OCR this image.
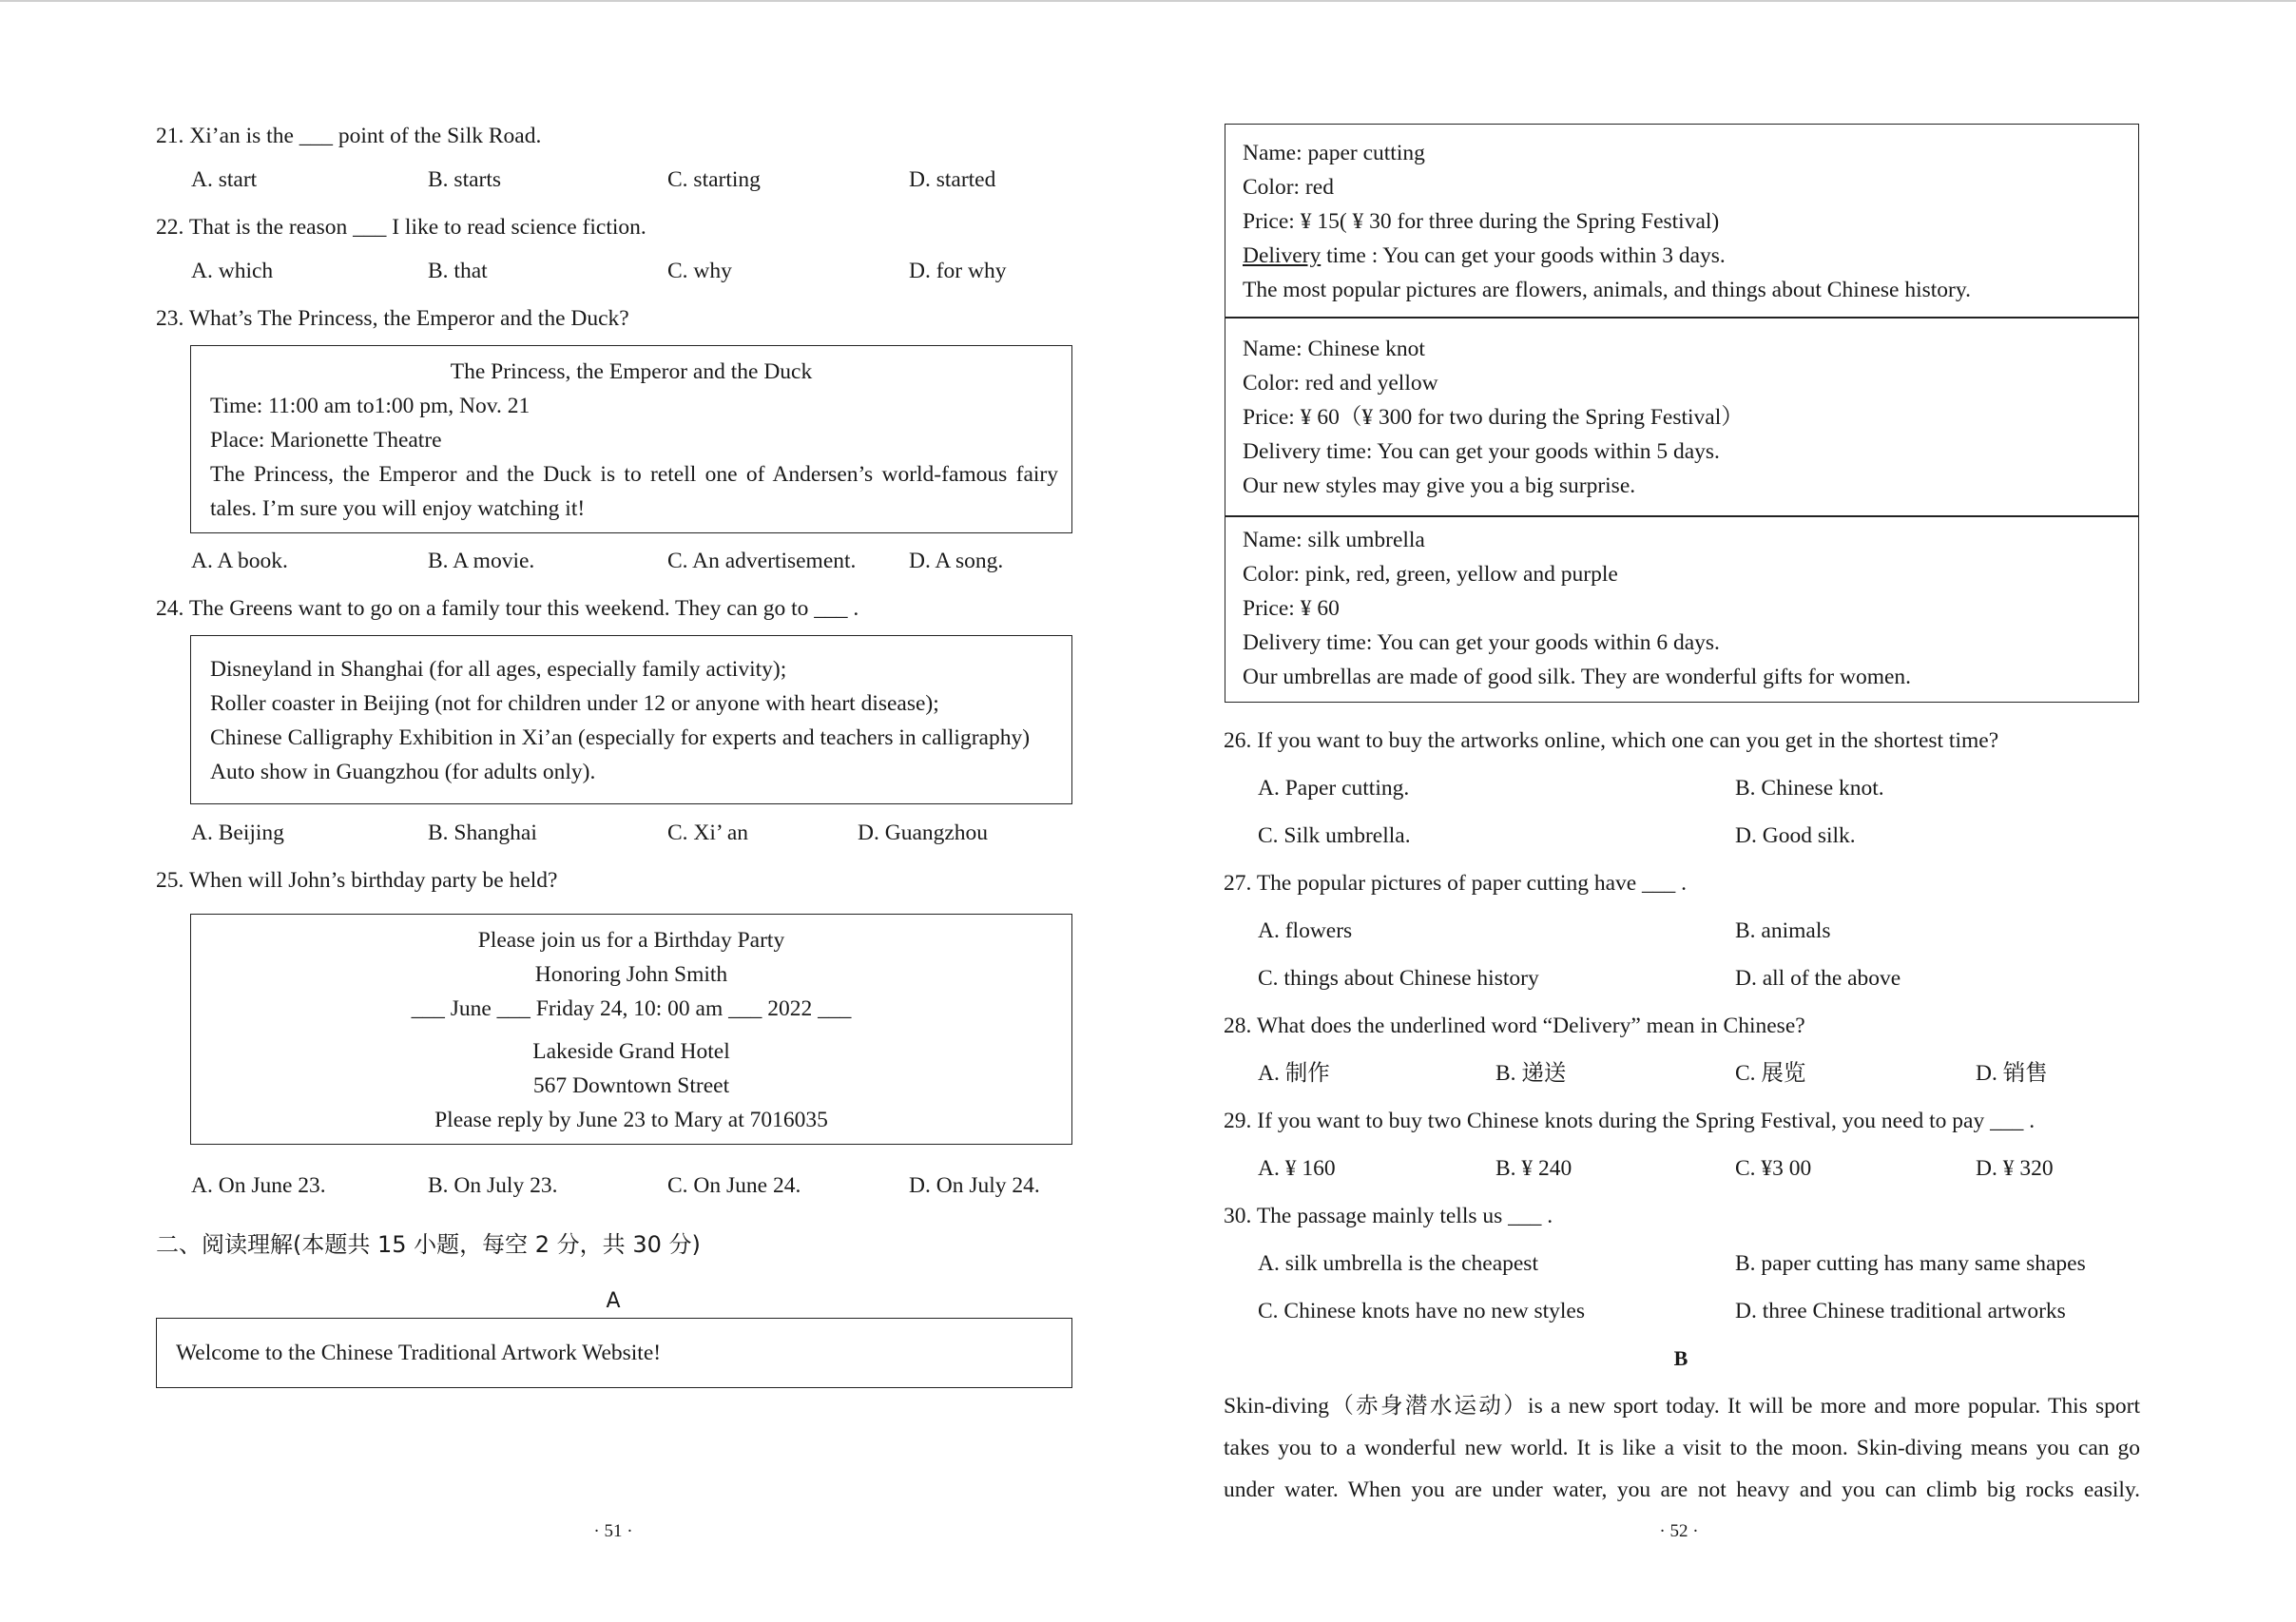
21. Xi’an is the ___ point of the Silk Road.
A. start	B. starts	C. starting	D. started
22. That is the reason ___ I like to read science fiction.
A. which	B. that	C. why	D. for why
23. What’s The Princess, the Emperor and the Duck?
The Princess, the Emperor and the Duck
Time: 11:00 am to1:00 pm, Nov. 21
Place: Marionette Theatre
The Princess, the Emperor and the Duck is to retell one of Andersen’s world-famous fairy
tales. I’m sure you will enjoy watching it!
A. A book.	B. A movie.	C. An advertisement. D. A song.
24. The Greens want to go on a family tour this weekend. They can go to ___ .
Disneyland in Shanghai (for all ages, especially family activity);
Roller coaster in Beijing (not for children under 12 or anyone with heart disease);
Chinese Calligraphy Exhibition in Xi’an (especially for experts and teachers in calligraphy)
Auto show in Guangzhou (for adults only).
A. Beijing	B. Shanghai	C. Xi’ an	D. Guangzhou
25. When will John’s birthday party be held?
Please join us for a Birthday Party
Honoring John Smith
___ June ___ Friday 24, 10: 00 am ___ 2022 ___
Lakeside Grand Hotel
567 Downtown Street
Please reply by June 23 to Mary at 7016035
A. On June 23.	B. On July 23.	C. On June 24.	D. On July 24.
二、阅读理解(本题共 15 小题，每空 2 分，共 30 分)
A
Welcome to the Chinese Traditional Artwork Website!
· 51 ·
Name: paper cutting
Color: red
Price: ¥ 15( ¥ 30 for three during the Spring Festival)
Delivery time : You can get your goods within 3 days.
The most popular pictures are flowers, animals, and things about Chinese history.
Name: Chinese knot
Color: red and yellow
Price: ¥ 60（¥ 300 for two during the Spring Festival）
Delivery time: You can get your goods within 5 days.
Our new styles may give you a big surprise.
Name: silk umbrella
Color: pink, red, green, yellow and purple
Price: ¥ 60
Delivery time: You can get your goods within 6 days.
Our umbrellas are made of good silk. They are wonderful gifts for women.
26. If you want to buy the artworks online, which one can you get in the shortest time?
A. Paper cutting.	B. Chinese knot.
C. Silk umbrella.	D. Good silk.
27. The popular pictures of paper cutting have ___ .
A. flowers	B. animals
C. things about Chinese history	D. all of the above
28. What does the underlined word “Delivery” mean in Chinese?
A. 制作	B. 递送	C. 展览	D. 销售
29. If you want to buy two Chinese knots during the Spring Festival, you need to pay ___ .
A. ¥ 160	B. ¥ 240	C. ¥3 00	D. ¥ 320
30. The passage mainly tells us ___ .
A. silk umbrella is the cheapest	B. paper cutting has many same shapes
C. Chinese knots have no new styles	D. three Chinese traditional artworks
B
Skin-diving（赤身潜水运动）is a new sport today. It will be more and more popular. This sport
takes you to a wonderful new world. It is like a visit to the moon. Skin-diving means you can go
under water. When you are under water, you are not heavy and you can climb big rocks easily.
· 52 ·
